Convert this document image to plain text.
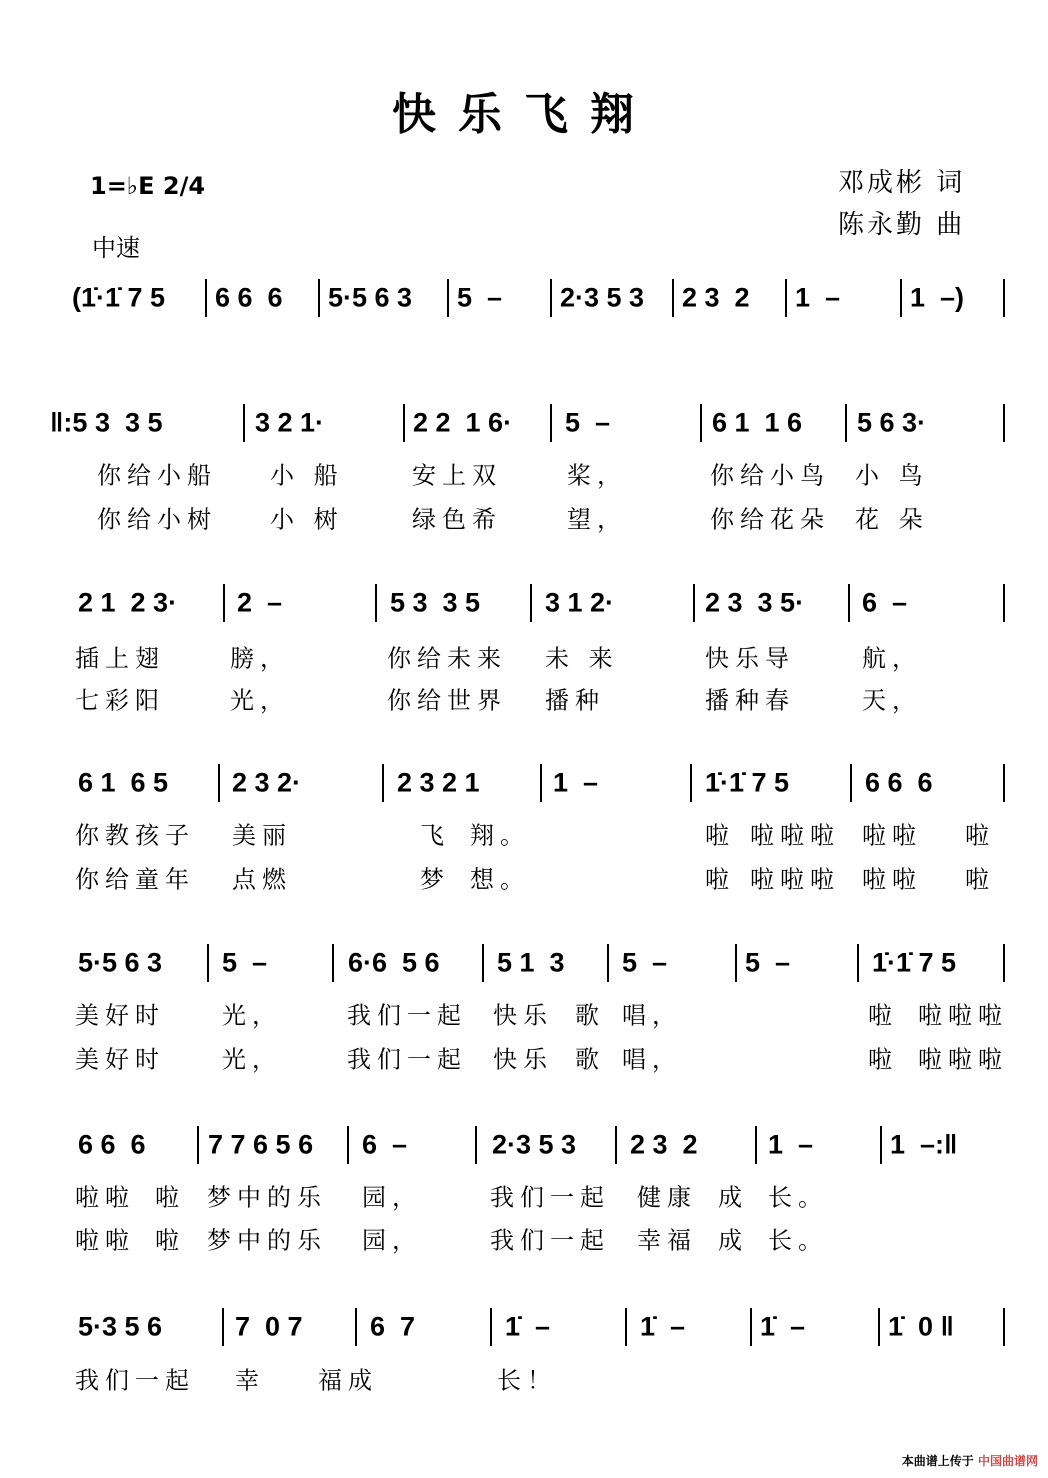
快乐飞翔
1=♭E 2/4
中速
邓成彬 词
陈永勤 曲
(1̇·1̇ 7 5 6 6  6 5·5 6 3 5  – 2·3 5 3 2 3  2 1  –	1  –)
‖:5 3  3 5	3 2 1·	2 2  1 6· 5  –	6 1  1 6 5 6 3·
你给小船 小 船	安上双	桨，	你给小鸟 小 鸟
你给小树 小 树	绿色希	望，	你给花朵 花 朵
2 1  2 3· 2  –	5 3  3 5 3 1 2·	2 3  3 5· 6  –
插上翅	膀，	你给未来 未 来	快乐导	航，
七彩阳	光，	你给世界 播种	播种春	天，
6 1  6 5 2 3 2·	2 3 2 1	1  –	1̇·1̇ 7 5	6 6  6
你教孩子 美丽	飞 翔。	啦 啦啦啦 啦啦 啦
你给童年 点燃	梦 想。	啦 啦啦啦 啦啦 啦
5·5 6 3 5  –	6·6  5 6 5 1  3 5  –	5  –	1̇·1̇ 7 5
美好时 光，	我们一起 快乐 歌 唱，	啦 啦啦啦
美好时 光，	我们一起 快乐 歌 唱，	啦 啦啦啦
6 6  6 7 7 6 5 6 6  –	2·3 5 3 2 3  2	1  –	1  –:‖
啦啦 啦 梦中的乐 园，	我们一起 健康 成 长。
啦啦 啦 梦中的乐 园，	我们一起 幸福 成 长。
5·3 5 6	7  0 7 6  7	1̇  –	1̇  –	1̇  –	1̇  0 ‖
我们一起 幸 福成	长！
本曲谱上传于 中国曲谱网
